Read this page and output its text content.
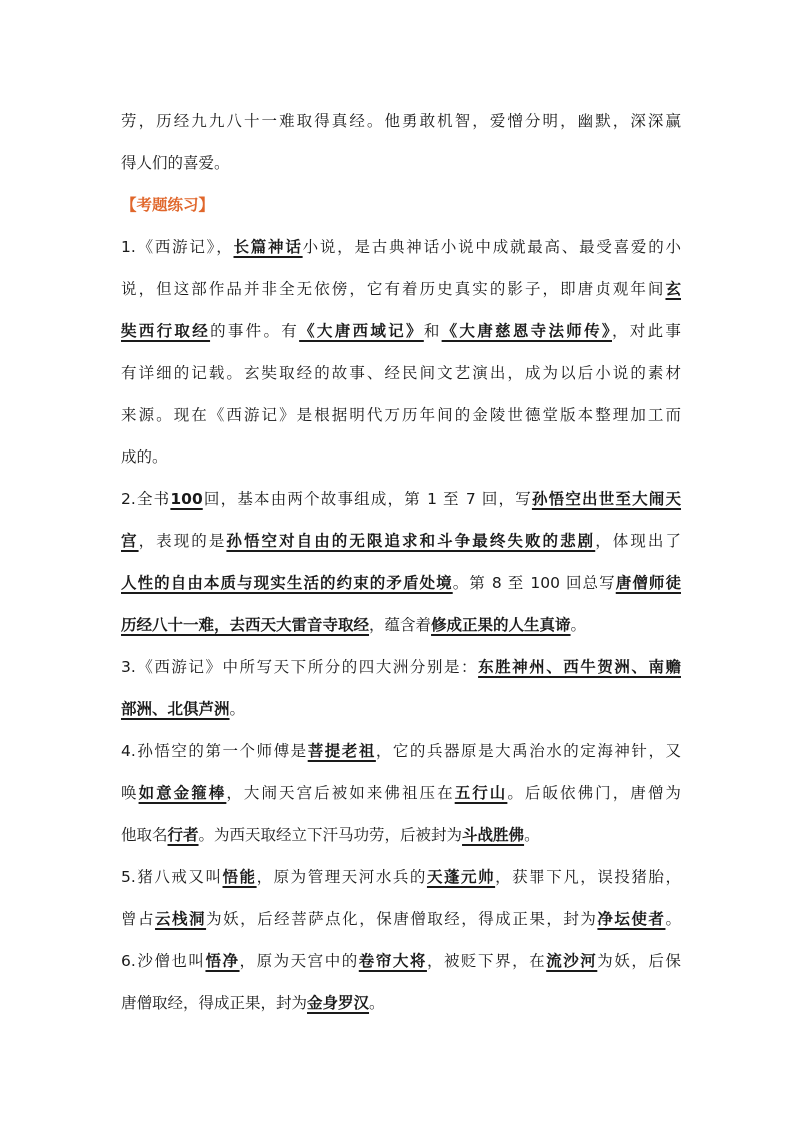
劳，历经九九八十一难取得真经。他勇敢机智，爱憎分明，幽默，深深赢
得人们的喜爱。
【考题练习】
1.《西游记》，长篇神话小说，是古典神话小说中成就最高、最受喜爱的小
说，但这部作品并非全无依傍，它有着历史真实的影子，即唐贞观年间玄
奘西行取经的事件。有《大唐西域记》和《大唐慈恩寺法师传》，对此事
有详细的记载。玄奘取经的故事、经民间文艺演出，成为以后小说的素材
来源。现在《西游记》是根据明代万历年间的金陵世德堂版本整理加工而
成的。
2.全书100回，基本由两个故事组成，第 1 至 7 回，写孙悟空出世至大闹天
宫，表现的是孙悟空对自由的无限追求和斗争最终失败的悲剧，体现出了
人性的自由本质与现实生活的约束的矛盾处境。第 8 至 100 回总写唐僧师徒
历经八十一难，去西天大雷音寺取经，蕴含着修成正果的人生真谛。
3.《西游记》中所写天下所分的四大洲分别是：东胜神州、西牛贺洲、南赡
部洲、北俱芦洲。
4.孙悟空的第一个师傅是菩提老祖，它的兵器原是大禹治水的定海神针，又
唤如意金箍棒，大闹天宫后被如来佛祖压在五行山。后皈依佛门，唐僧为
他取名行者。为西天取经立下汗马功劳，后被封为斗战胜佛。
5.猪八戒又叫悟能，原为管理天河水兵的天蓬元帅，获罪下凡，误投猪胎，
曾占云栈洞为妖，后经菩萨点化，保唐僧取经，得成正果，封为净坛使者。
6.沙僧也叫悟净，原为天宫中的卷帘大将，被贬下界，在流沙河为妖，后保
唐僧取经，得成正果，封为金身罗汉。
